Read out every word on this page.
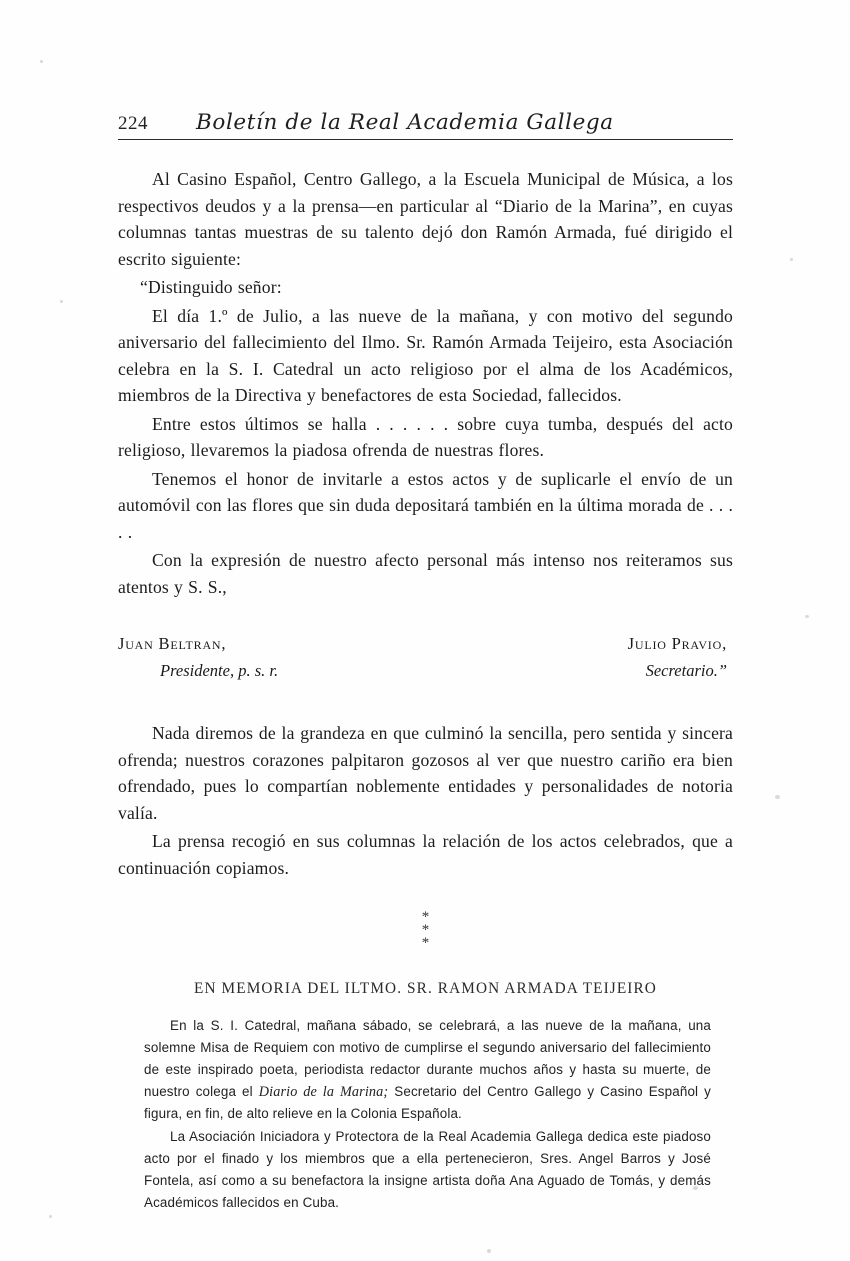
224	Boletín de la Real Academia Gallega

Al Casino Español, Centro Gallego, a la Escuela Municipal de Música, a los respectivos deudos y a la prensa—en particular al “Diario de la Marina”, en cuyas columnas tantas muestras de su talento dejó don Ramón Armada, fué dirigido el escrito siguiente:

“Distinguido señor:

El día 1.º de Julio, a las nueve de la mañana, y con motivo del segundo aniversario del fallecimiento del Ilmo. Sr. Ramón Armada Teijeiro, esta Asociación celebra en la S. I. Catedral un acto religioso por el alma de los Académicos, miembros de la Directiva y benefactores de esta Sociedad, fallecidos.

Entre estos últimos se halla . . . . . . sobre cuya tumba, después del acto religioso, llevaremos la piadosa ofrenda de nuestras flores.

Tenemos el honor de invitarle a estos actos y de suplicarle el envío de un automóvil con las flores que sin duda depositará también en la última morada de . . . . .

Con la expresión de nuestro afecto personal más intenso nos reiteramos sus atentos y S. S.,

Juan Beltran,
Presidente, p. s. r.
Julio Pravio,
Secretario.”

Nada diremos de la grandeza en que culminó la sencilla, pero sentida y sincera ofrenda; nuestros corazones palpitaron gozosos al ver que nuestro cariño era bien ofrendado, pues lo compartían noblemente entidades y personalidades de notoria valía.

La prensa recogió en sus columnas la relación de los actos celebrados, que a continuación copiamos.

*
* *
EN MEMORIA DEL ILTMO. SR. RAMON ARMADA TEIJEIRO

En la S. I. Catedral, mañana sábado, se celebrará, a las nueve de la mañana, una solemne Misa de Requiem con motivo de cumplirse el segundo aniversario del fallecimiento de este inspirado poeta, periodista redactor durante muchos años y hasta su muerte, de nuestro colega el Diario de la Marina; Secretario del Centro Gallego y Casino Español y figura, en fin, de alto relieve en la Colonia Española.

La Asociación Iniciadora y Protectora de la Real Academia Gallega dedica este piadoso acto por el finado y los miembros que a ella pertenecieron, Sres. Angel Barros y José Fontela, así como a su benefactora la insigne artista doña Ana Aguado de Tomás, y demás Académicos fallecidos en Cuba.
